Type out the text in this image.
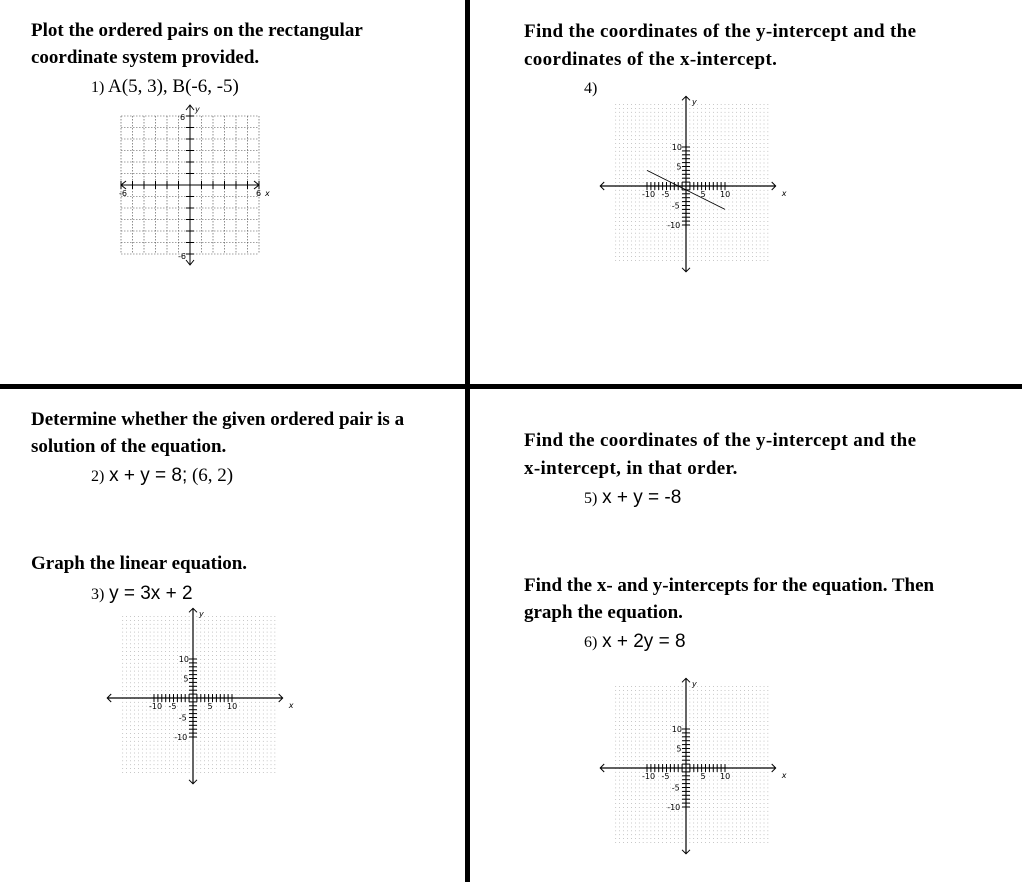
Plot the ordered pairs on the rectangular
coordinate system provided.
1) A(5, 3), B(-6, -5)
-6	6 x
6
-6
y
Find the coordinates of the y-intercept and the
coordinates of the x-intercept.
4)
-10 -5	5 10
10
5
-5
-10
x
y
Determine whether the given ordered pair is a
solution of the equation.
2) x + y = 8; (6, 2)
Graph the linear equation.
3) y = 3x + 2
-10 -5	5 10
10
5
-5
-10
x
y
Find the coordinates of the y-intercept and the
x-intercept, in that order.
5) x + y = -8
Find the x- and y-intercepts for the equation. Then
graph the equation.
6) x + 2y = 8
-10 -5	5 10
10
5
-5
-10
x
y
